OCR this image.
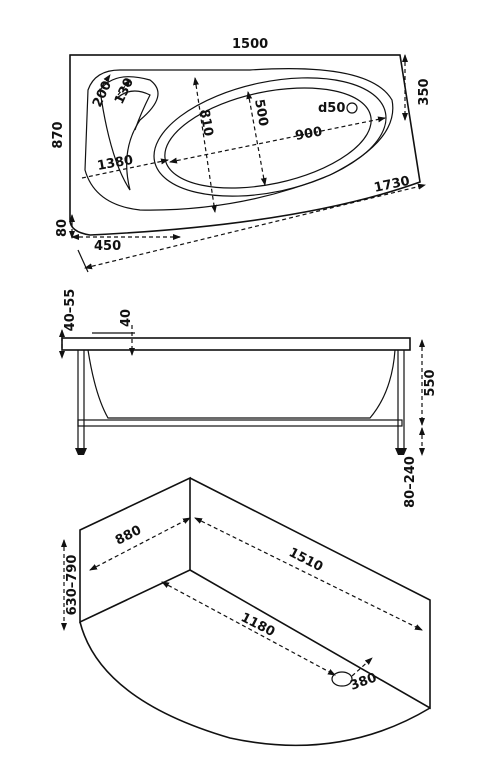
1500
350
870
200
130
810	500	d50
900
1380
1730
80
450
40–55	40
550
80–240
880
1510
630–790
1180
380
